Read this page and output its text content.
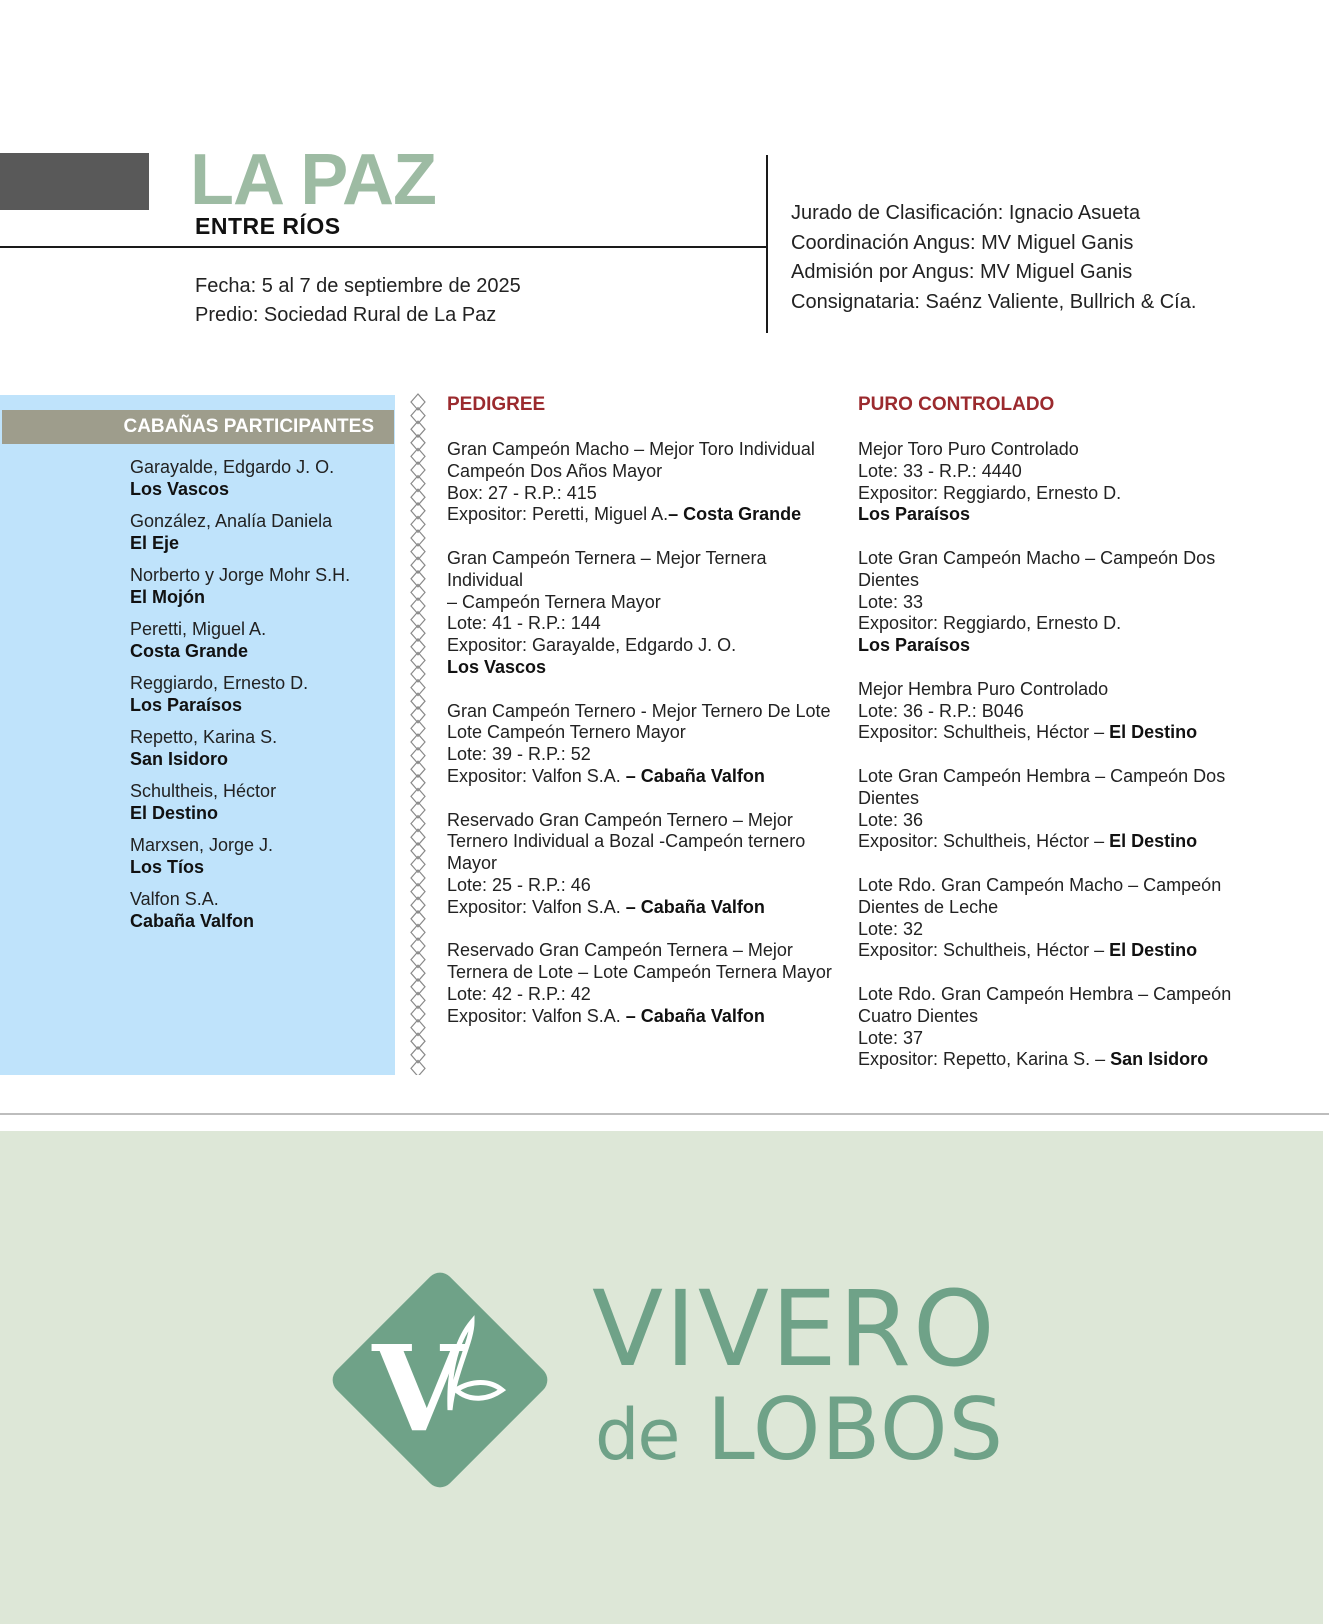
LA PAZ
ENTRE RÍOS
Fecha: 5 al 7 de septiembre de 2025
Predio: Sociedad Rural de La Paz
Jurado de Clasificación: Ignacio Asueta
Coordinación Angus: MV Miguel Ganis
Admisión por Angus: MV Miguel Ganis
Consignataria: Saénz Valiente, Bullrich & Cía.
CABAÑAS PARTICIPANTES
Garayalde, Edgardo J. O.
Los Vascos
González, Analía Daniela
El Eje
Norberto y Jorge Mohr S.H.
El Mojón
Peretti, Miguel A.
Costa Grande
Reggiardo, Ernesto D.
Los Paraísos
Repetto, Karina S.
San Isidoro
Schultheis, Héctor
El Destino
Marxsen, Jorge J.
Los Tíos
Valfon S.A.
Cabaña Valfon
PEDIGREE
Gran Campeón Macho – Mejor Toro Individual
Campeón Dos Años Mayor
Box: 27 - R.P.: 415
Expositor: Peretti, Miguel A.– Costa Grande
Gran Campeón Ternera – Mejor Ternera Individual
– Campeón Ternera Mayor
Lote: 41 - R.P.: 144
Expositor: Garayalde, Edgardo J. O.
Los Vascos
Gran Campeón Ternero - Mejor Ternero De Lote
Lote Campeón Ternero Mayor
Lote: 39 - R.P.: 52
Expositor: Valfon S.A. – Cabaña Valfon
Reservado Gran Campeón Ternero – Mejor
Ternero Individual a Bozal -Campeón ternero
Mayor
Lote: 25 - R.P.: 46
Expositor: Valfon S.A. – Cabaña Valfon
Reservado Gran Campeón Ternera – Mejor
Ternera de Lote – Lote Campeón Ternera Mayor
Lote: 42 - R.P.: 42
Expositor: Valfon S.A. – Cabaña Valfon
PURO CONTROLADO
Mejor Toro Puro Controlado
Lote: 33 - R.P.: 4440
Expositor: Reggiardo, Ernesto D.
Los Paraísos
Lote Gran Campeón Macho – Campeón Dos
Dientes
Lote: 33
Expositor: Reggiardo, Ernesto D.
Los Paraísos
Mejor Hembra Puro Controlado
Lote: 36 - R.P.: B046
Expositor: Schultheis, Héctor – El Destino
Lote Gran Campeón Hembra – Campeón Dos
Dientes
Lote: 36
Expositor: Schultheis, Héctor – El Destino
Lote Rdo. Gran Campeón Macho – Campeón
Dientes de Leche
Lote: 32
Expositor: Schultheis, Héctor – El Destino
Lote Rdo. Gran Campeón Hembra – Campeón
Cuatro Dientes
Lote: 37
Expositor: Repetto, Karina S. – San Isidoro
V VIVERO
de LOBOS
